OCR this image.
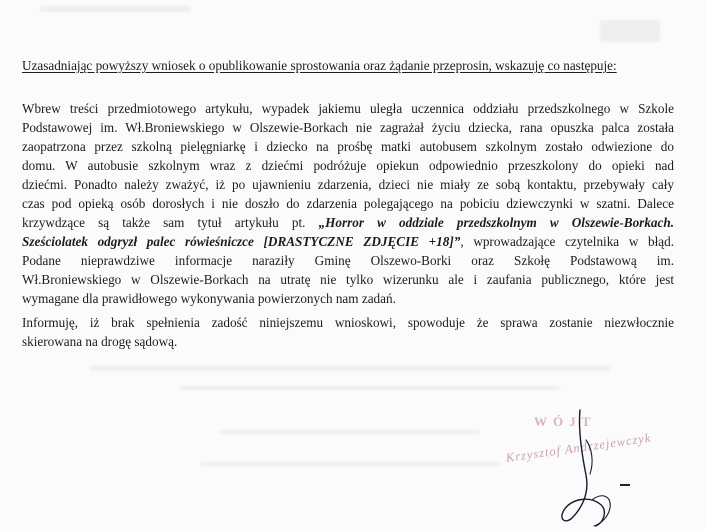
Uzasadniając powyższy wniosek o opublikowanie sprostowania oraz żądanie przeprosin, wskazuję co następuje:
Wbrew treści przedmiotowego artykułu, wypadek jakiemu uległa uczennica oddziału przedszkolnego w Szkole
Podstawowej im. Wł.Broniewskiego w Olszewie-Borkach nie zagrażał życiu dziecka, rana opuszka palca została
zaopatrzona przez szkolną pielęgniarkę i dziecko na prośbę matki autobusem szkolnym zostało odwiezione do
domu. W autobusie szkolnym wraz z dziećmi podróżuje opiekun odpowiednio przeszkolony do opieki nad
dziećmi. Ponadto należy zważyć, iż po ujawnieniu zdarzenia, dzieci nie miały ze sobą kontaktu, przebywały cały
czas pod opieką osób dorosłych i nie doszło do zdarzenia polegającego na pobiciu dziewczynki w szatni. Dalece
krzywdzące są także sam tytuł artykułu pt. „Horror w oddziale przedszkolnym w Olszewie-Borkach.
Sześciolatek odgryzł palec rówieśniczce [DRASTYCZNE ZDJĘCIE +18]”, wprowadzające czytelnika w błąd.
Podane nieprawdziwe informacje naraziły Gminę Olszewo-Borki oraz Szkołę Podstawową im.
Wł.Broniewskiego w Olszewie-Borkach na utratę nie tylko wizerunku ale i zaufania publicznego, które jest
wymagane dla prawidłowego wykonywania powierzonych nam zadań.
Informuję, iż brak spełnienia zadość niniejszemu wnioskowi, spowoduje że sprawa zostanie niezwłocznie
skierowana na drogę sądową.
WÓJT
Krzysztof Andrzejewczyk
